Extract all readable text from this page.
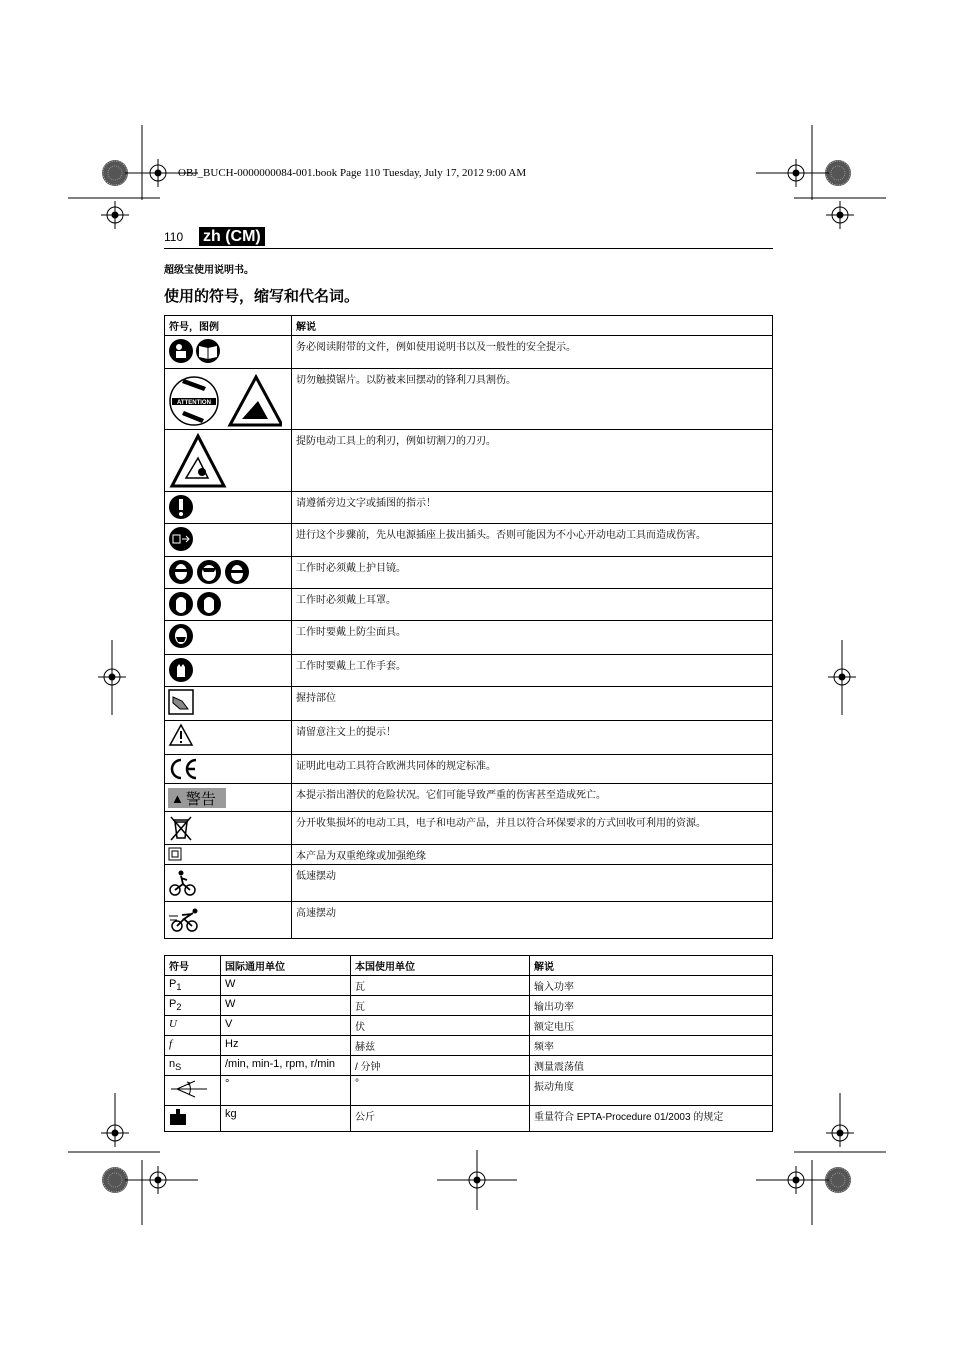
OBJ_BUCH-0000000084-001.book Page 110 Tuesday, July 17, 2012 9:00 AM
110 zh (CM)
超级宝使用说明书。
使用的符号，缩写和代名词。
符号，图例	解说
	务必阅读附带的文件，例如使用说明书以及一般性的安全提示。

ATTENTION	切勿触摸锯片。以防被来回摆动的锋利刀具割伤。
	提防电动工具上的利刃，例如切割刀的刀刃。
	请遵循旁边文字或插图的指示！
	进行这个步骤前，先从电源插座上拔出插头。否则可能因为不小心开动电动工具而造成伤害。
	工作时必须戴上护目镜。
	工作时必须戴上耳罩。
	工作时要戴上防尘面具。
	工作时要戴上工作手套。
	握持部位
	请留意注文上的提示！
	证明此电动工具符合欧洲共同体的规定标准。

▲ 警告	本提示指出潜伏的危险状况。它们可能导致严重的伤害甚至造成死亡。
	分开收集损坏的电动工具，电子和电动产品，并且以符合环保要求的方式回收可利用的资源。
	本产品为双重绝缘或加强绝缘
	低速摆动
	高速摆动
符号	国际通用单位	本国使用单位	解说
$P_1$	W	瓦	输入功率
$P_2$	W	瓦	输出功率
U	V	伏	额定电压
f	Hz	赫兹	频率
$n_S$	/min, min-1, rpm, r/min	/ 分钟	测量震荡值
	°	°	振动角度
	kg	公斤	重量符合 EPTA-Procedure 01/2003 的规定
